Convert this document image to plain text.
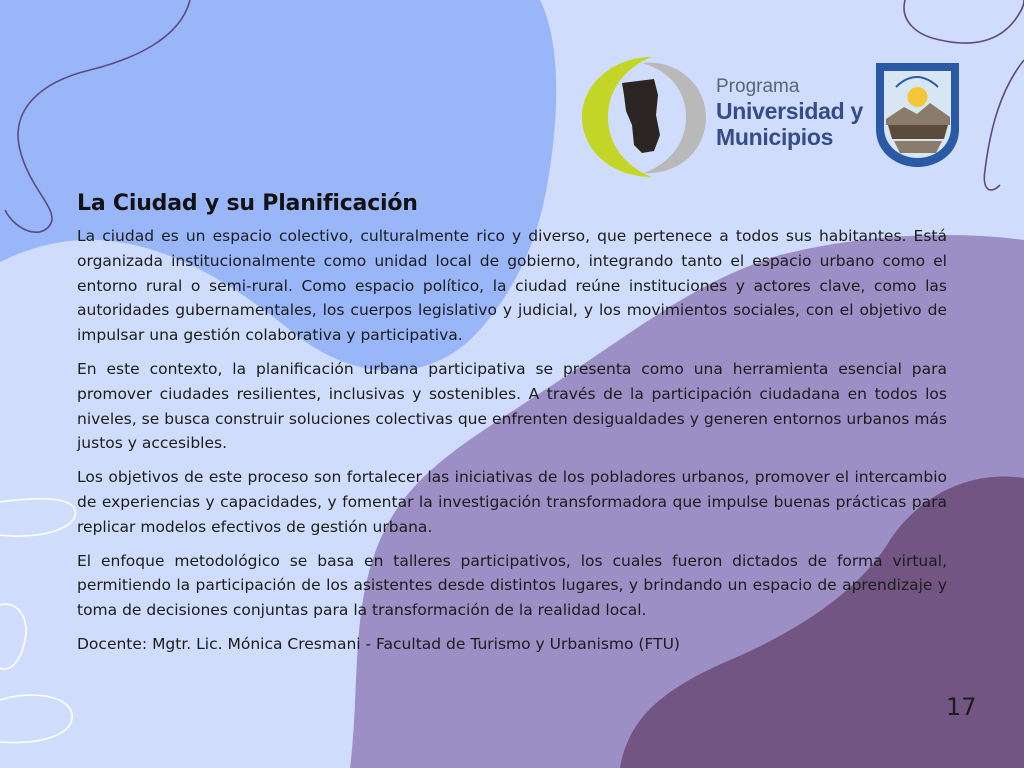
Programa
Universidad y
Municipios
La Ciudad y su Planificación

La ciudad es un espacio colectivo, culturalmente rico y diverso, que pertenece a todos sus habitantes. Está organizada institucionalmente como unidad local de gobierno, integrando tanto el espacio urbano como el entorno rural o semi-rural. Como espacio político, la ciudad reúne instituciones y actores clave, como las autoridades gubernamentales, los cuerpos legislativo y judicial, y los movimientos sociales, con el objetivo de impulsar una gestión colaborativa y participativa.

En este contexto, la planificación urbana participativa se presenta como una herramienta esencial para promover ciudades resilientes, inclusivas y sostenibles. A través de la participación ciudadana en todos los niveles, se busca construir soluciones colectivas que enfrenten desigualdades y generen entornos urbanos más justos y accesibles.

Los objetivos de este proceso son fortalecer las iniciativas de los pobladores urbanos, promover el intercambio de experiencias y capacidades, y fomentar la investigación transformadora que impulse buenas prácticas para replicar modelos efectivos de gestión urbana.

El enfoque metodológico se basa en talleres participativos, los cuales fueron dictados de forma virtual, permitiendo la participación de los asistentes desde distintos lugares, y brindando un espacio de aprendizaje y toma de decisiones conjuntas para la transformación de la realidad local.

Docente: Mgtr. Lic. Mónica Cresmani - Facultad de Turismo y Urbanismo (FTU)

17
